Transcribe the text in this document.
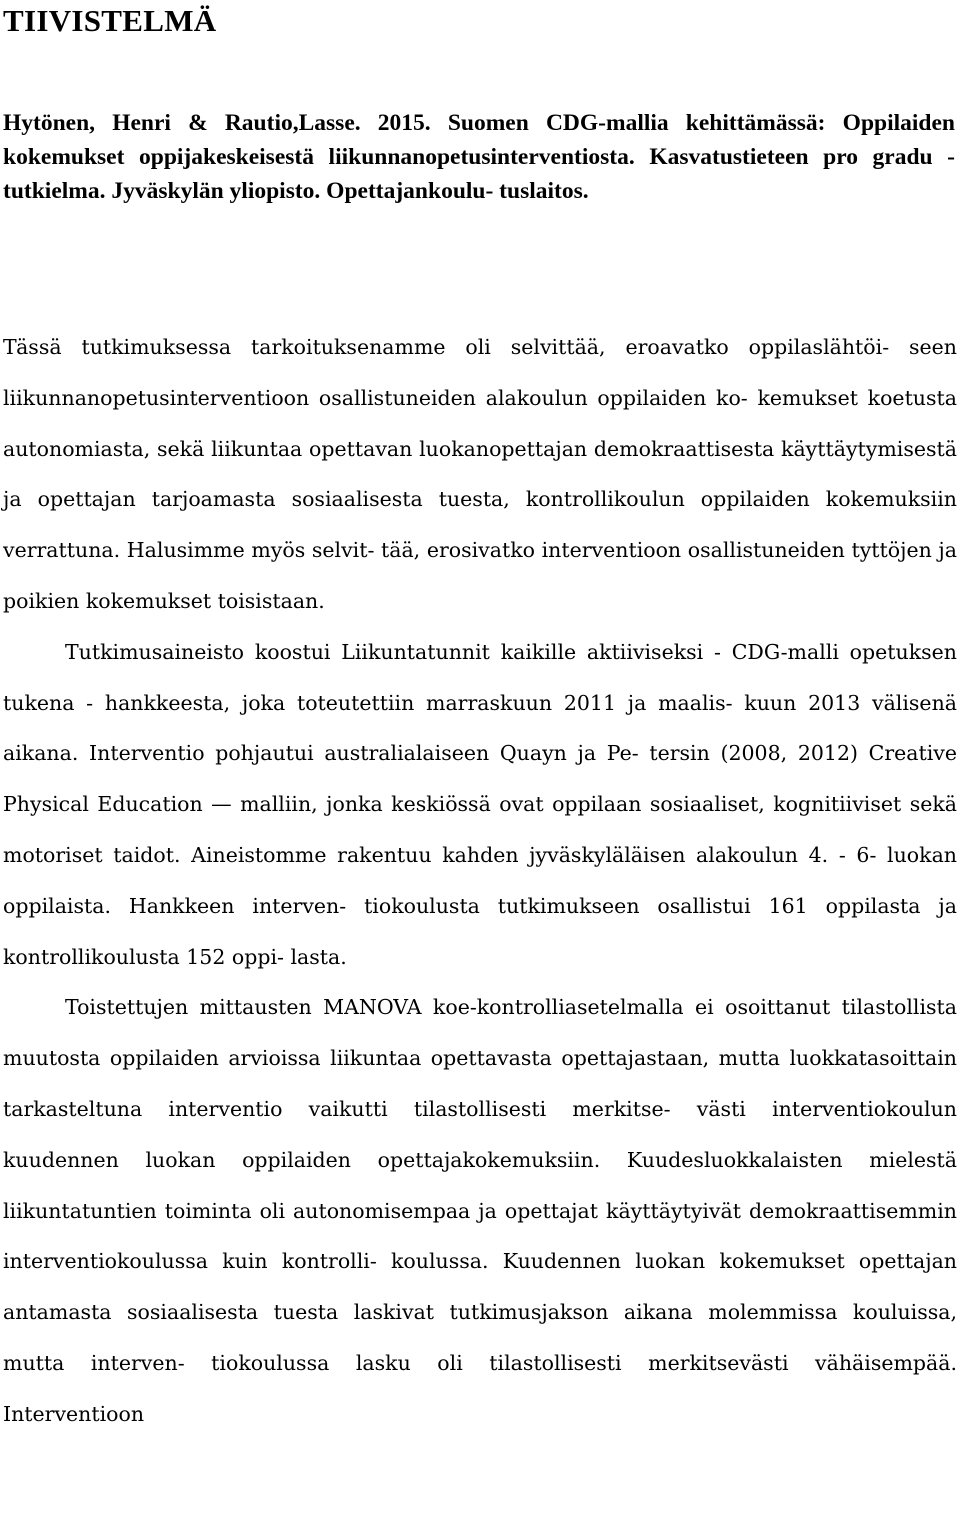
TIIVISTELMÄ

Hytönen, Henri & Rautio,Lasse. 2015. Suomen CDG-mallia kehittämässä: Oppilaiden kokemukset oppijakeskeisestä liikunnanopetusinterventiosta. Kasvatustieteen pro gradu -tutkielma. Jyväskylän yliopisto. Opettajankoulu- tuslaitos.

Tässä tutkimuksessa tarkoituksenamme oli selvittää, eroavatko oppilaslähtöi- seen liikunnanopetusinterventioon osallistuneiden alakoulun oppilaiden ko- kemukset koetusta autonomiasta, sekä liikuntaa opettavan luokanopettajan demokraattisesta käyttäytymisestä ja opettajan tarjoamasta sosiaalisesta tuesta, kontrollikoulun oppilaiden kokemuksiin verrattuna. Halusimme myös selvit- tää, erosivatko interventioon osallistuneiden tyttöjen ja poikien kokemukset toisistaan.

Tutkimusaineisto koostui Liikuntatunnit kaikille aktiiviseksi - CDG-malli opetuksen tukena - hankkeesta, joka toteutettiin marraskuun 2011 ja maalis- kuun 2013 välisenä aikana. Interventio pohjautui australialaiseen Quayn ja Pe- tersin (2008, 2012) Creative Physical Education — malliin, jonka keskiössä ovat oppilaan sosiaaliset, kognitiiviset sekä motoriset taidot. Aineistomme rakentuu kahden jyväskyläläisen alakoulun 4. - 6- luokan oppilaista. Hankkeen interven- tiokoulusta tutkimukseen osallistui 161 oppilasta ja kontrollikoulusta 152 oppi- lasta.

Toistettujen mittausten MANOVA koe-kontrolliasetelmalla ei osoittanut tilastollista muutosta oppilaiden arvioissa liikuntaa opettavasta opettajastaan, mutta luokkatasoittain tarkasteltuna interventio vaikutti tilastollisesti merkitse- västi interventiokoulun kuudennen luokan oppilaiden opettajakokemuksiin. Kuudesluokkalaisten mielestä liikuntatuntien toiminta oli autonomisempaa ja opettajat käyttäytyivät demokraattisemmin interventiokoulussa kuin kontrolli- koulussa. Kuudennen luokan kokemukset opettajan antamasta sosiaalisesta tuesta laskivat tutkimusjakson aikana molemmissa kouluissa, mutta interven- tiokoulussa lasku oli tilastollisesti merkitsevästi vähäisempää. Interventioon
